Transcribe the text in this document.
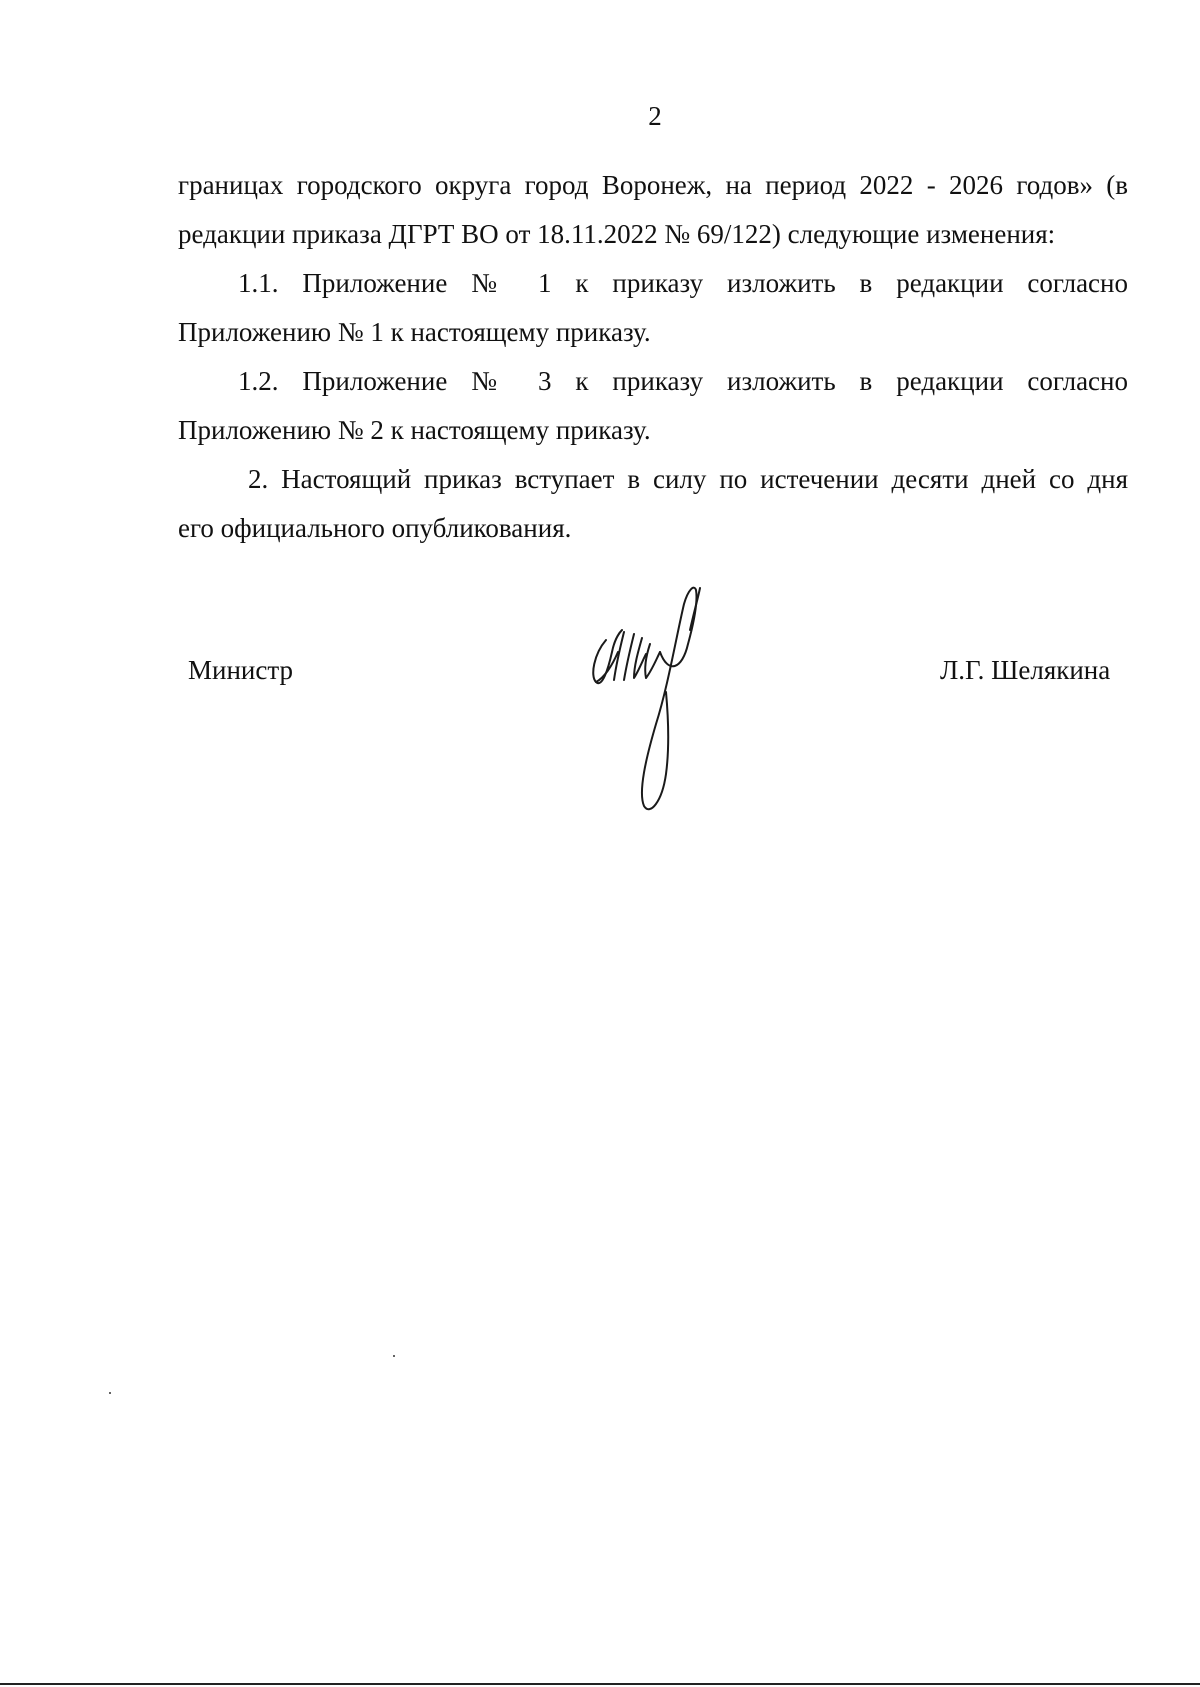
2
границах городского округа город Воронеж, на период 2022 - 2026 годов» (в
редакции приказа ДГРТ ВО от 18.11.2022 № 69/122) следующие изменения:
1.1. Приложение № 1 к приказу изложить в редакции согласно
Приложению № 1 к настоящему приказу.
1.2. Приложение № 3 к приказу изложить в редакции согласно
Приложению № 2 к настоящему приказу.
2. Настоящий приказ вступает в силу по истечении десяти дней со дня
его официального опубликования.
Министр	Л.Г. Шелякина
